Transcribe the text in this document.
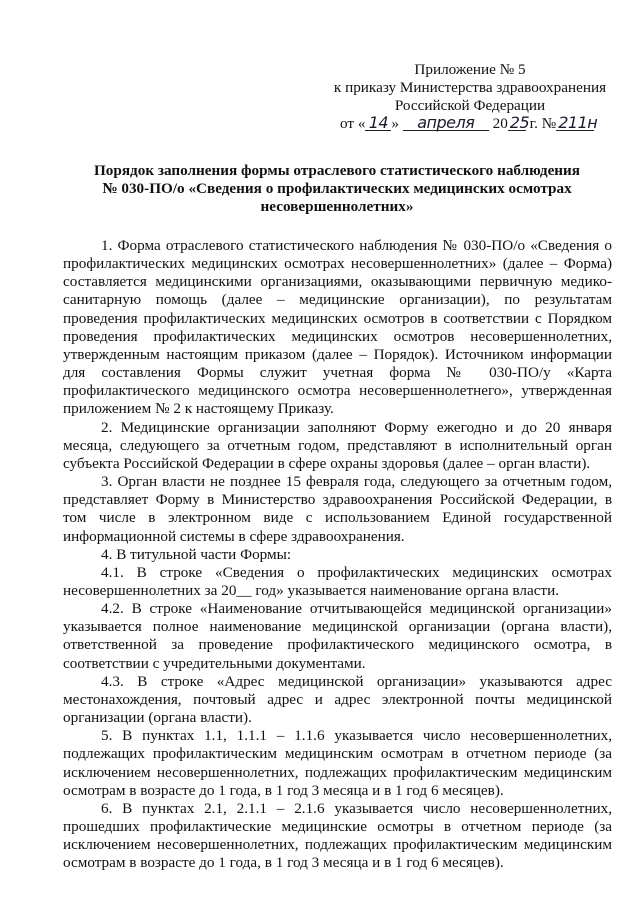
Приложение № 5
к приказу Министерства здравоохранения
Российской Федерации
от « 14 » апреля 20 25 г. № 211н
Порядок заполнения формы отраслевого статистического наблюдения
№ 030-ПО/о «Сведения о профилактических медицинских осмотрах
несовершеннолетних»

1. Форма отраслевого статистического наблюдения № 030-ПО/о «Сведения о профилактических медицинских осмотрах несовершеннолетних» (далее – Форма) составляется медицинскими организациями, оказывающими первичную медико-санитарную помощь (далее – медицинские организации), по результатам проведения профилактических медицинских осмотров в соответствии с Порядком проведения профилактических медицинских осмотров несовершеннолетних, утвержденным настоящим приказом (далее – Порядок). Источником информации для составления Формы служит учетная форма № 030-ПО/у «Карта профилактического медицинского осмотра несовершеннолетнего», утвержденная приложением № 2 к настоящему Приказу.

2. Медицинские организации заполняют Форму ежегодно и до 20 января месяца, следующего за отчетным годом, представляют в исполнительный орган субъекта Российской Федерации в сфере охраны здоровья (далее – орган власти).

3. Орган власти не позднее 15 февраля года, следующего за отчетным годом, представляет Форму в Министерство здравоохранения Российской Федерации, в том числе в электронном виде с использованием Единой государственной информационной системы в сфере здравоохранения.

4. В титульной части Формы:

4.1. В строке «Сведения о профилактических медицинских осмотрах несовершеннолетних за 20__ год» указывается наименование органа власти.

4.2. В строке «Наименование отчитывающейся медицинской организации» указывается полное наименование медицинской организации (органа власти), ответственной за проведение профилактического медицинского осмотра, в соответствии с учредительными документами.

4.3. В строке «Адрес медицинской организации» указываются адрес местонахождения, почтовый адрес и адрес электронной почты медицинской организации (органа власти).

5. В пунктах 1.1, 1.1.1 – 1.1.6 указывается число несовершеннолетних, подлежащих профилактическим медицинским осмотрам в отчетном периоде (за исключением несовершеннолетних, подлежащих профилактическим медицинским осмотрам в возрасте до 1 года, в 1 год 3 месяца и в 1 год 6 месяцев).

6. В пунктах 2.1, 2.1.1 – 2.1.6 указывается число несовершеннолетних, прошедших профилактические медицинские осмотры в отчетном периоде (за исключением несовершеннолетних, подлежащих профилактическим медицинским осмотрам в возрасте до 1 года, в 1 год 3 месяца и в 1 год 6 месяцев).
